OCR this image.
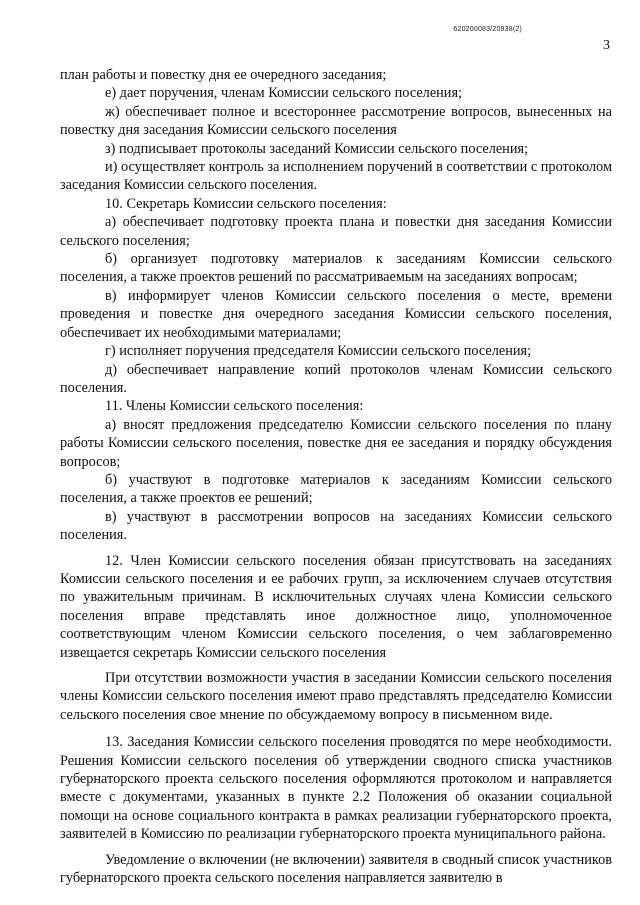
620200083/20938(2)
3

план работы и повестку дня ее очередного заседания;

е) дает поручения, членам Комиссии сельского поселения;

ж) обеспечивает полное и всестороннее рассмотрение вопросов, вынесенных на повестку дня заседания Комиссии сельского поселения

з) подписывает протоколы заседаний Комиссии сельского поселения;

и) осуществляет контроль за исполнением поручений в соответствии с протоколом заседания Комиссии сельского поселения.

10. Секретарь Комиссии сельского поселения:

а) обеспечивает подготовку проекта плана и повестки дня заседания Комиссии сельского поселения;

б) организует подготовку материалов к заседаниям Комиссии сельского поселения, а также проектов решений по рассматриваемым на заседаниях вопросам;

в) информирует членов Комиссии сельского поселения о месте, времени проведения и повестке дня очередного заседания Комиссии сельского поселения, обеспечивает их необходимыми материалами;

г) исполняет поручения председателя Комиссии сельского поселения;

д) обеспечивает направление копий протоколов членам Комиссии сельского поселения.

11. Члены Комиссии сельского поселения:

а) вносят предложения председателю Комиссии сельского поселения по плану работы Комиссии сельского поселения, повестке дня ее заседания и порядку обсуждения вопросов;

б) участвуют в подготовке материалов к заседаниям Комиссии сельского поселения, а также проектов ее решений;

в) участвуют в рассмотрении вопросов на заседаниях Комиссии сельского поселения.

12. Член Комиссии сельского поселения обязан присутствовать на заседаниях Комиссии сельского поселения и ее рабочих групп, за исключением случаев отсутствия по уважительным причинам. В исключительных случаях члена Комиссии сельского поселения вправе представлять иное должностное лицо, уполномоченное соответствующим членом Комиссии сельского поселения, о чем заблаговременно извещается секретарь Комиссии сельского поселения

При отсутствии возможности участия в заседании Комиссии сельского поселения члены Комиссии сельского поселения имеют право представлять председателю Комиссии сельского поселения свое мнение по обсуждаемому вопросу в письменном виде.

13. Заседания Комиссии сельского поселения проводятся по мере необходимости. Решения Комиссии сельского поселения об утверждении сводного списка участников губернаторского проекта сельского поселения оформляются протоколом и направляется вместе с документами, указанных в пункте 2.2 Положения об оказании социальной помощи на основе социального контракта в рамках реализации губернаторского проекта, заявителей в Комиссию по реализации губернаторского проекта муниципального района.

Уведомление о включении (не включении) заявителя в сводный список участников губернаторского проекта сельского поселения направляется заявителю в
